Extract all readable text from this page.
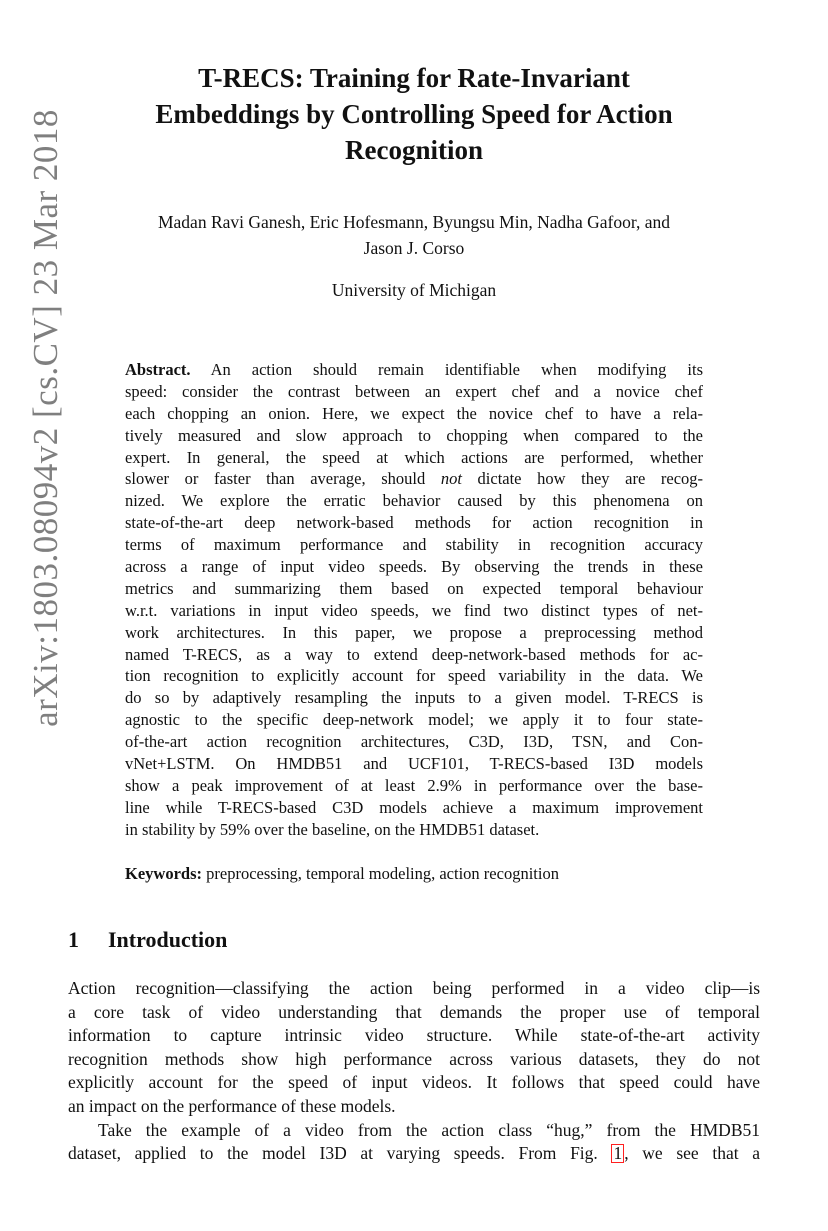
arXiv:1803.08094v2 [cs.CV] 23 Mar 2018
T-RECS: Training for Rate-Invariant
Embeddings by Controlling Speed for Action
Recognition
Madan Ravi Ganesh, Eric Hofesmann, Byungsu Min, Nadha Gafoor, and
Jason J. Corso
University of Michigan
Abstract. An action should remain identifiable when modifying its
speed: consider the contrast between an expert chef and a novice chef
each chopping an onion. Here, we expect the novice chef to have a rela-
tively measured and slow approach to chopping when compared to the
expert. In general, the speed at which actions are performed, whether
slower or faster than average, should not dictate how they are recog-
nized. We explore the erratic behavior caused by this phenomena on
state-of-the-art deep network-based methods for action recognition in
terms of maximum performance and stability in recognition accuracy
across a range of input video speeds. By observing the trends in these
metrics and summarizing them based on expected temporal behaviour
w.r.t. variations in input video speeds, we find two distinct types of net-
work architectures. In this paper, we propose a preprocessing method
named T-RECS, as a way to extend deep-network-based methods for ac-
tion recognition to explicitly account for speed variability in the data. We
do so by adaptively resampling the inputs to a given model. T-RECS is
agnostic to the specific deep-network model; we apply it to four state-
of-the-art action recognition architectures, C3D, I3D, TSN, and Con-
vNet+LSTM. On HMDB51 and UCF101, T-RECS-based I3D models
show a peak improvement of at least 2.9% in performance over the base-
line while T-RECS-based C3D models achieve a maximum improvement
in stability by 59% over the baseline, on the HMDB51 dataset.
Keywords: preprocessing, temporal modeling, action recognition
1 Introduction
Action recognition—classifying the action being performed in a video clip—is
a core task of video understanding that demands the proper use of temporal
information to capture intrinsic video structure. While state-of-the-art activity
recognition methods show high performance across various datasets, they do not
explicitly account for the speed of input videos. It follows that speed could have
an impact on the performance of these models.
Take the example of a video from the action class “hug,” from the HMDB51
dataset, applied to the model I3D at varying speeds. From Fig. 1 , we see that a
